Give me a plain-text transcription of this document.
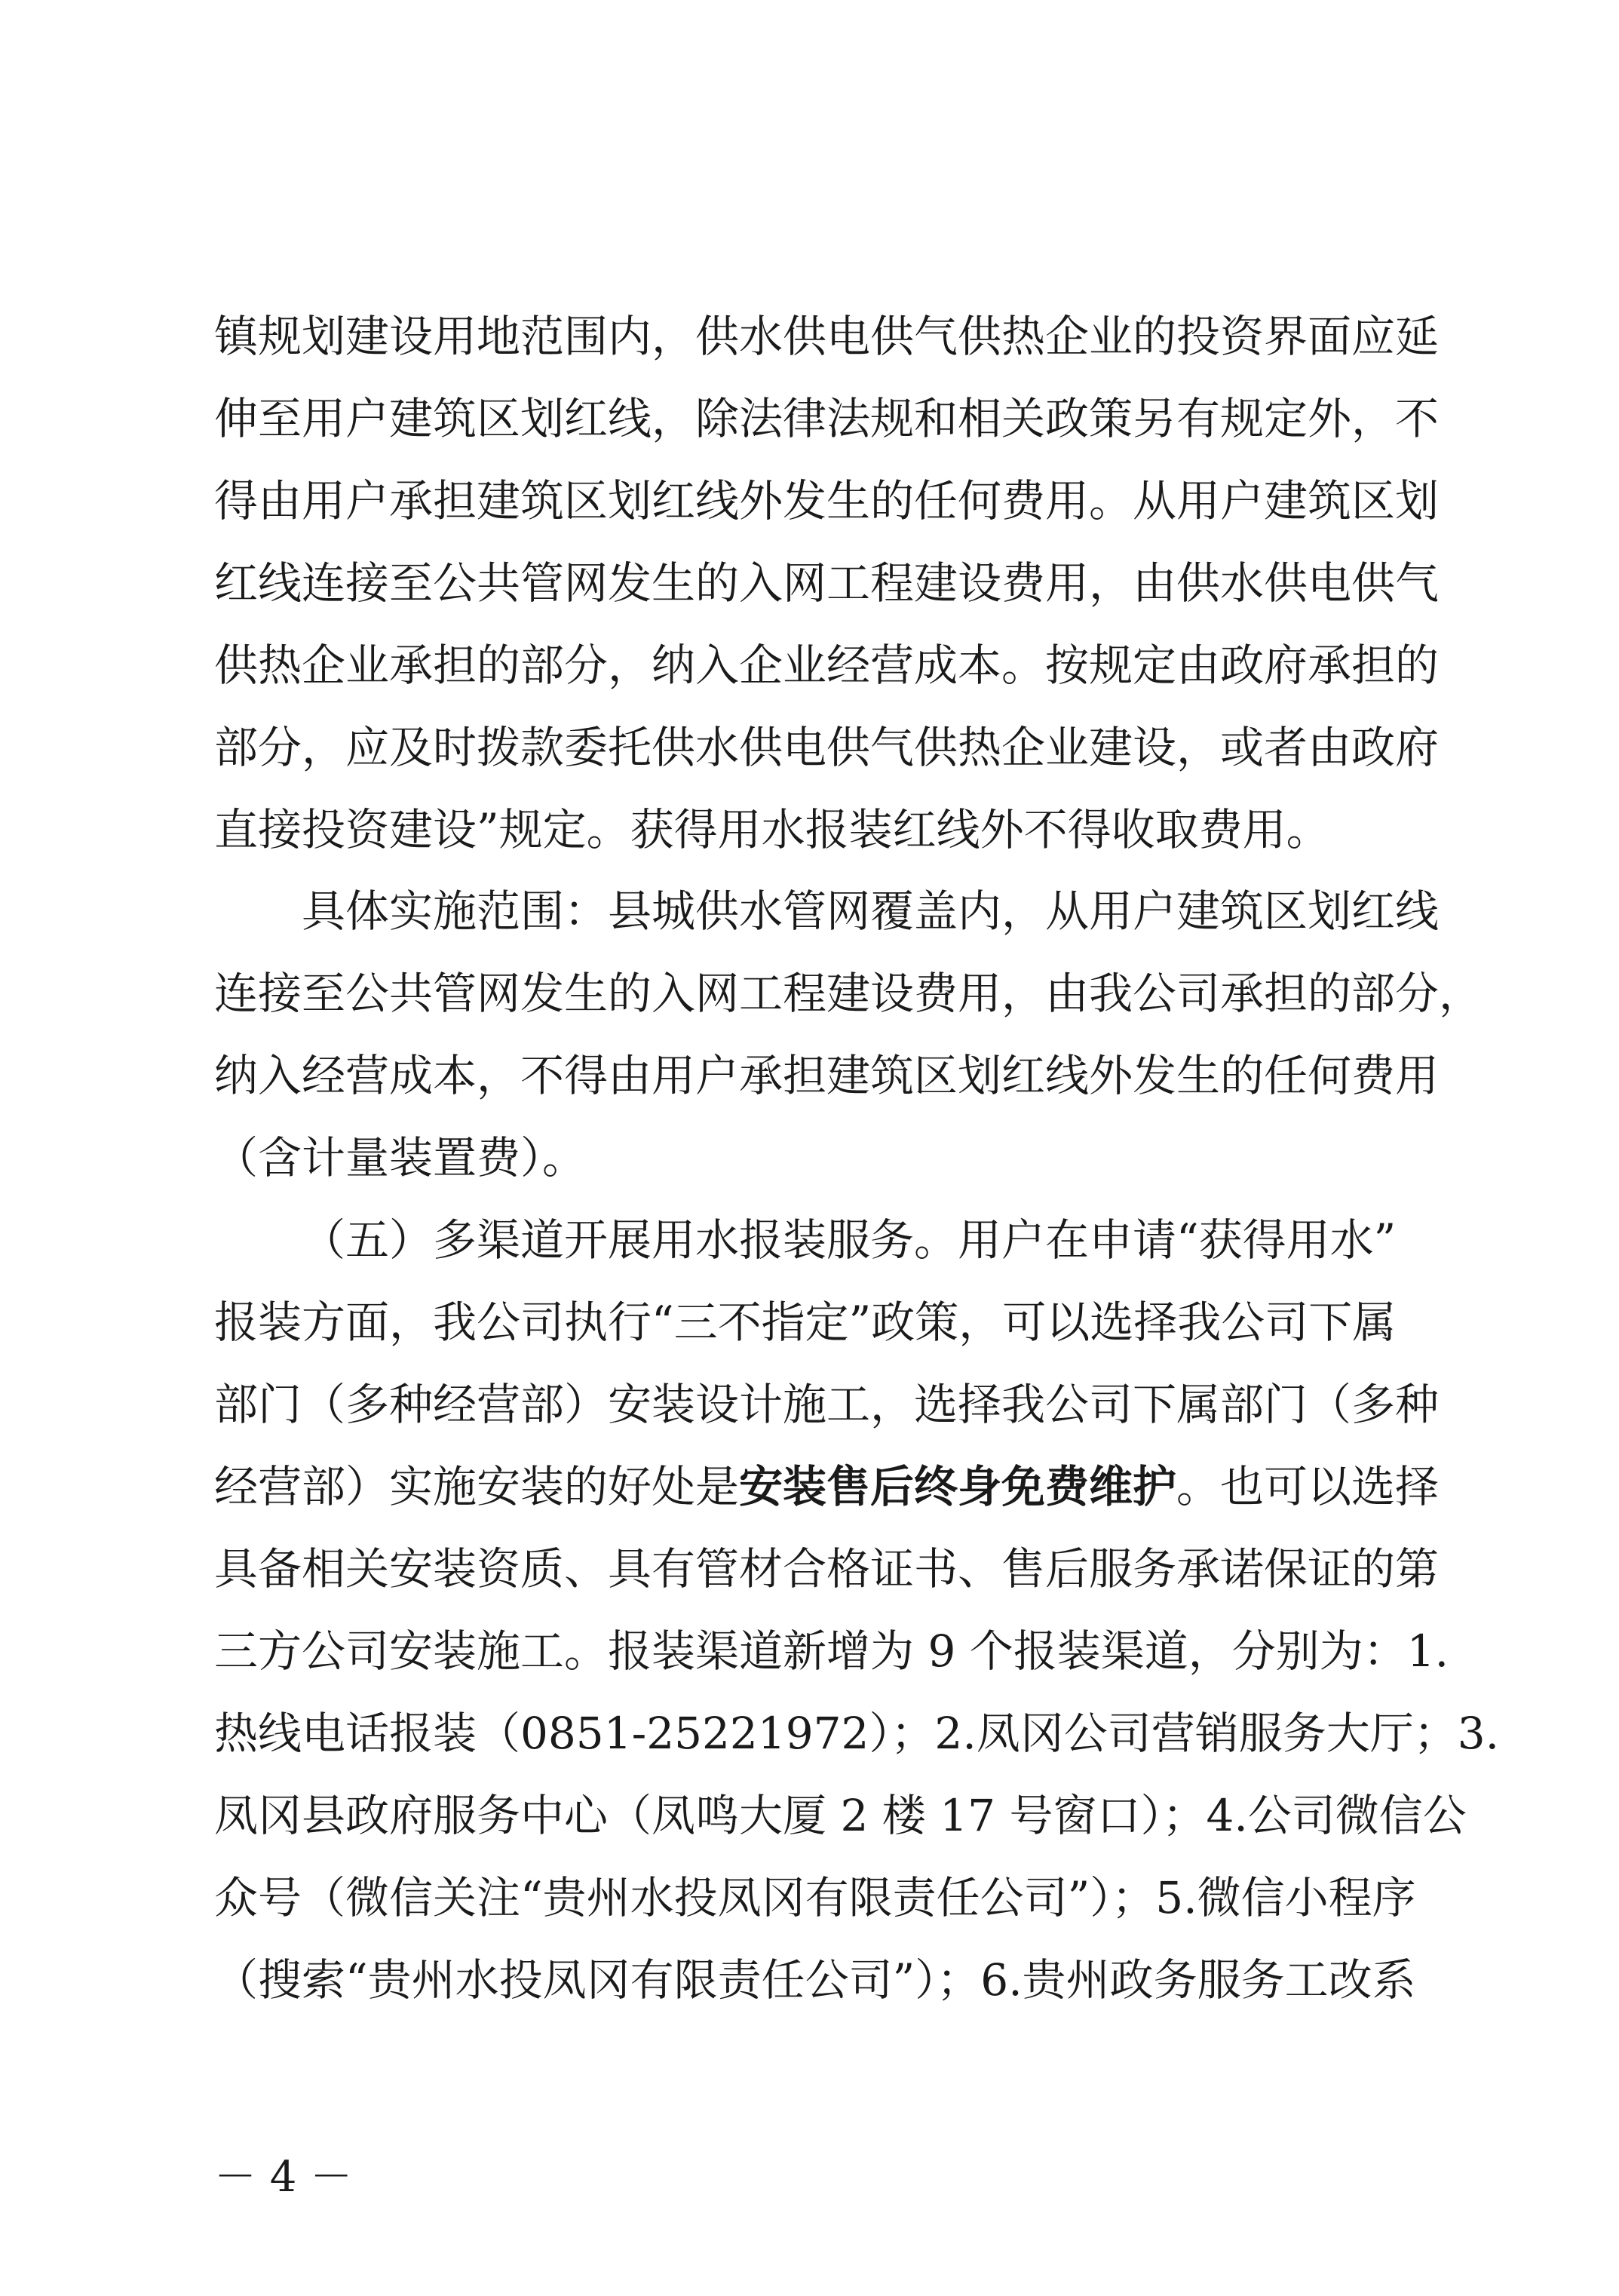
镇规划建设用地范围内，供水供电供气供热企业的投资界面应延
伸至用户建筑区划红线，除法律法规和相关政策另有规定外，不
得由用户承担建筑区划红线外发生的任何费用。从用户建筑区划
红线连接至公共管网发生的入网工程建设费用，由供水供电供气
供热企业承担的部分，纳入企业经营成本。按规定由政府承担的
部分，应及时拨款委托供水供电供气供热企业建设，或者由政府
直接投资建设”规定。获得用水报装红线外不得收取费用。

具体实施范围：县城供水管网覆盖内，从用户建筑区划红线
连接至公共管网发生的入网工程建设费用，由我公司承担的部分，
纳入经营成本，不得由用户承担建筑区划红线外发生的任何费用
（含计量装置费）。

（五）多渠道开展用水报装服务。用户在申请“获得用水”
报装方面，我公司执行“三不指定”政策，可以选择我公司下属
部门（多种经营部）安装设计施工，选择我公司下属部门（多种
经营部）实施安装的好处是安装售后终身免费维护。也可以选择
具备相关安装资质、具有管材合格证书、售后服务承诺保证的第
三方公司安装施工。报装渠道新增为 9 个报装渠道，分别为：1.
热线电话报装（0851-25221972）；2.凤冈公司营销服务大厅；3.
凤冈县政府服务中心（凤鸣大厦 2 楼 17 号窗口）；4.公司微信公
众号（微信关注“贵州水投凤冈有限责任公司”）；5.微信小程序
（搜索“贵州水投凤冈有限责任公司”）；6.贵州政务服务工改系

－ 4 －
